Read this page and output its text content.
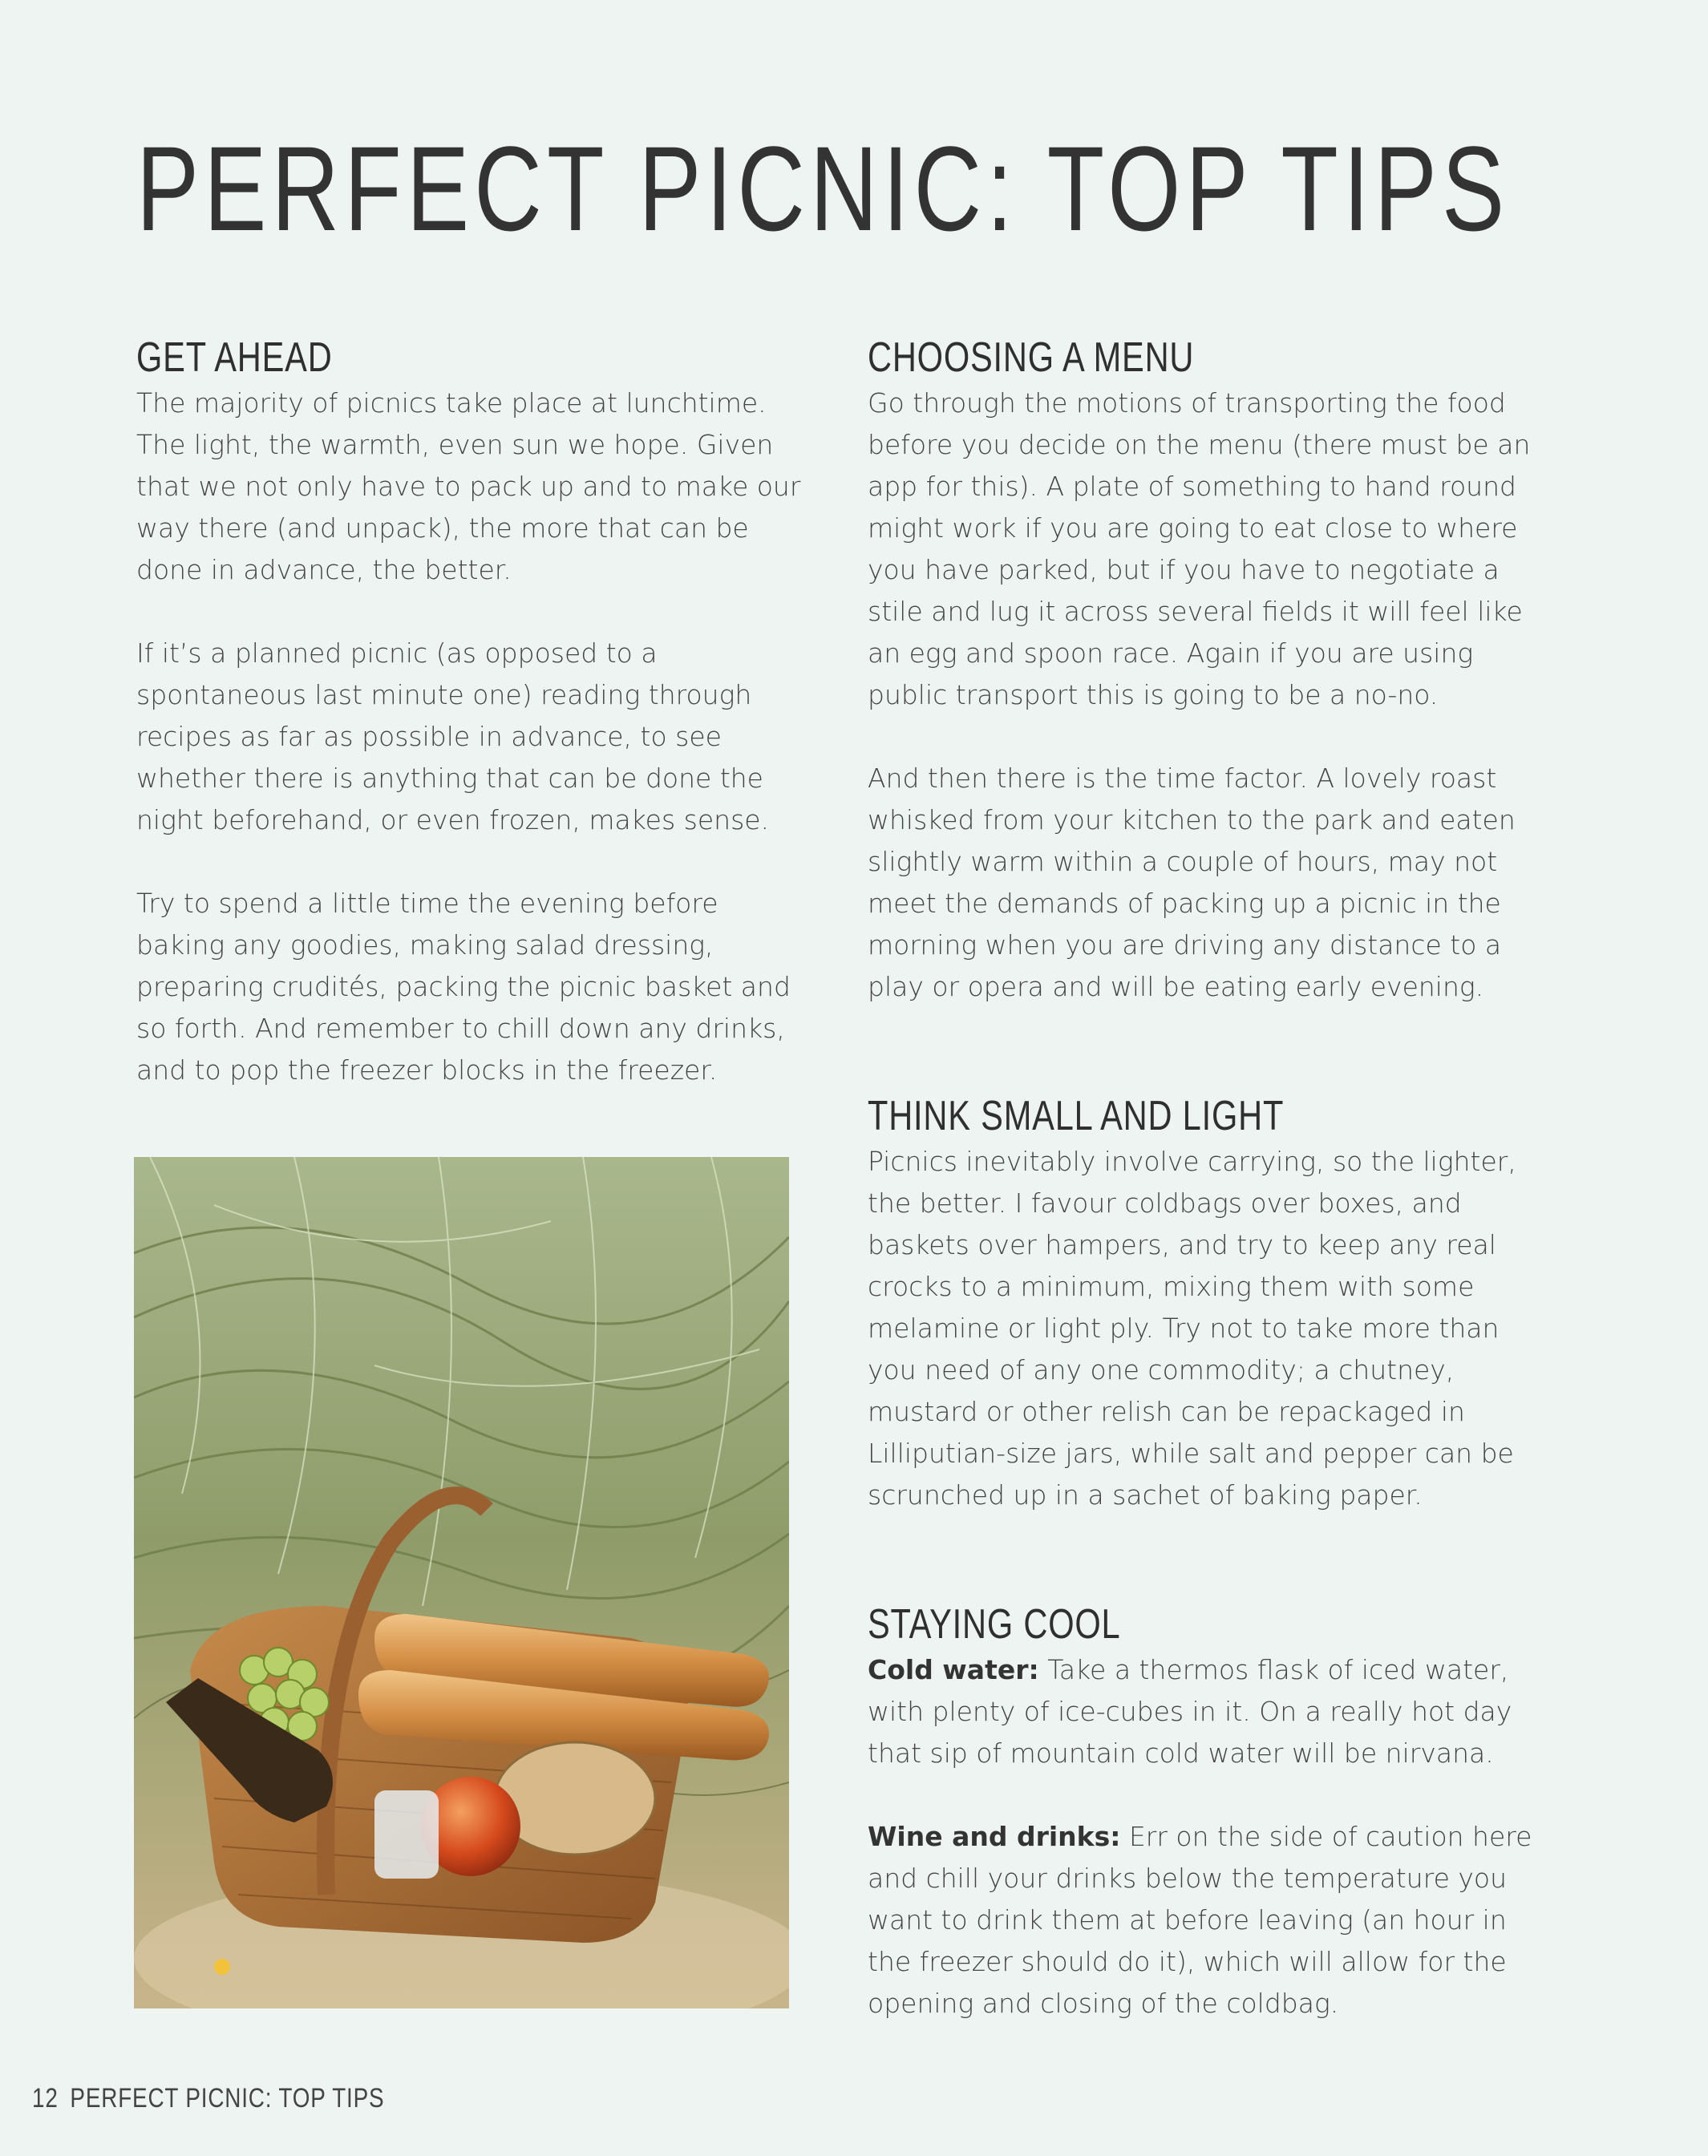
PERFECT PICNIC: TOP TIPS
GET AHEAD

The majority of picnics take place at lunchtime. The light, the warmth, even sun we hope. Given that we not only have to pack up and to make our way there (and unpack), the more that can be done in advance, the better.

If it’s a planned picnic (as opposed to a spontaneous last minute one) reading through recipes as far as possible in advance, to see whether there is anything that can be done the night beforehand, or even frozen, makes sense.

Try to spend a little time the evening before baking any goodies, making salad dressing, preparing crudités, packing the picnic basket and so forth. And remember to chill down any drinks, and to pop the freezer blocks in the freezer.

CHOOSING A MENU

Go through the motions of transporting the food before you decide on the menu (there must be an app for this). A plate of something to hand round might work if you are going to eat close to where you have parked, but if you have to negotiate a stile and lug it across several fields it will feel like an egg and spoon race. Again if you are using public transport this is going to be a no-no.

And then there is the time factor. A lovely roast whisked from your kitchen to the park and eaten slightly warm within a couple of hours, may not meet the demands of packing up a picnic in the morning when you are driving any distance to a play or opera and will be eating early evening.

THINK SMALL AND LIGHT

Picnics inevitably involve carrying, so the lighter, the better. I favour coldbags over boxes, and baskets over hampers, and try to keep any real crocks to a minimum, mixing them with some melamine or light ply. Try not to take more than you need of any one commodity; a chutney, mustard or other relish can be repackaged in Lilliputian-size jars, while salt and pepper can be scrunched up in a sachet of baking paper.

STAYING COOL

Cold water: Take a thermos flask of iced water, with plenty of ice-cubes in it. On a really hot day that sip of mountain cold water will be nirvana.

Wine and drinks: Err on the side of caution here and chill your drinks below the temperature you want to drink them at before leaving (an hour in the freezer should do it), which will allow for the opening and closing of the coldbag.

12 PERFECT PICNIC: TOP TIPS
